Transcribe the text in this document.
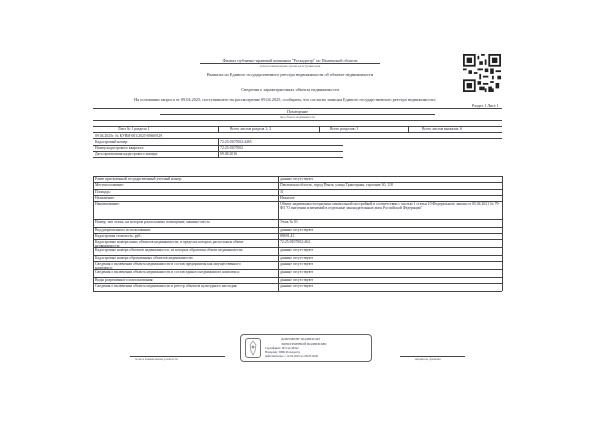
Филиал публично-правовой компании "Роскадастр" по Пензенской области
полное наименование органа регистрации прав
Выписка из Единого государственного реестра недвижимости об объекте недвижимости
Сведения о характеристиках объекта недвижимости
На основании запроса от 09.04.2025, поступившего на рассмотрение 09.04.2025, сообщаем, что согласно записям Единого государственного реестра недвижимости:
Раздел 1 Лист 1
Помещение
вид объекта недвижимости
Лист № 1 раздела 1	Всего листов раздела 1: 2	Всего разделов: 3	Всего листов выписки: 6
09.04.2025г. № КУВИ-001/2025-80669129
Кадастровый номер:	72:25:0107002:4465
Номер кадастрового квартала:	72:25:0107002
Дата присвоения кадастрового номера:	09.08.2016
Ранее присвоенный государственный учетный номер:	данные отсутствуют
Местоположение:	Пензенская область, город Пенза, улица Тракторная, строение 30, 118
Площадь:	31
Назначение:	Нежилое
Наименование:	Объект недвижимости признан самовольной постройкой в соответствии с частью 1 статьи 10 Федерального закона от 05.04.2021 № 79-ФЗ "О внесении изменений в отдельные законодательные акты Российской Федерации"
Номер, тип этажа, на котором расположено помещение, машино-место	Этаж № 01
Вид разрешенного использования:	данные отсутствуют
Кадастровая стоимость, руб.:	89691.41
Кадастровые номера иных объектов недвижимости, в пределах которых расположен объект недвижимости:
72:25:0107002:464
Кадастровые номера объектов недвижимости, из которых образован объект недвижимости:	данные отсутствуют
Кадастровые номера образованных объектов недвижимости:	данные отсутствуют
Сведения о включении объекта недвижимости в состав предприятия как имущественного комплекса:
данные отсутствуют
Сведения о включении объекта недвижимости в состав единого недвижимого комплекса:	данные отсутствуют
Виды разрешенного использования:	данные отсутствуют
Сведения о включении объекта недвижимости в реестр объектов культурного наследия:	данные отсутствуют
полное наименование должности
ДОКУМЕНТ ПОДПИСАН
ЭЛЕКТРОННОЙ ПОДПИСЬЮ
Сертификат: 0b7ce1e0f3a2
Владелец: ППК Роскадастр
Действителен: с 12.02.2025 по 08.05.2026
инициалы, фамилия
